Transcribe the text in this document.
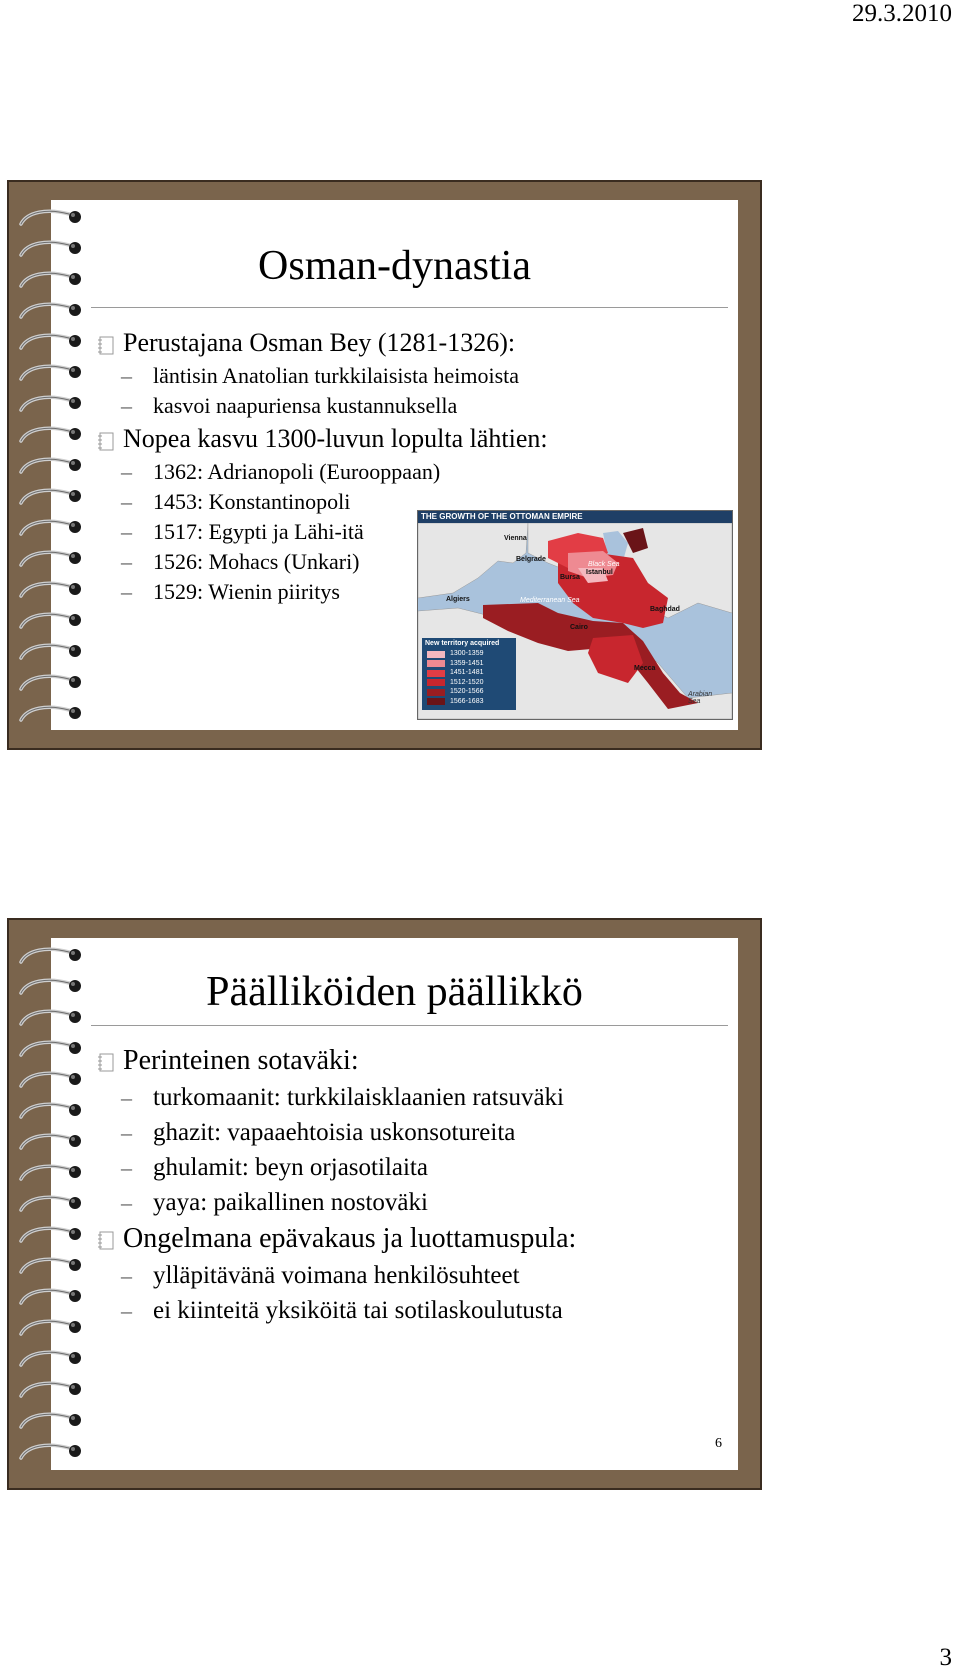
29.3.2010
Osman-dynastia
Perustajana Osman Bey (1281-1326):
– läntisin Anatolian turkkilaisista heimoista
– kasvoi naapuriensa kustannuksella
Nopea kasvu 1300-luvun lopulta lähtien:
– 1362: Adrianopoli (Eurooppaan)
– 1453: Konstantinopoli
– 1517: Egypti ja Lähi-itä
– 1526: Mohacs (Unkari)
– 1529: Wienin piiritys
THE GROWTH OF THE OTTOMAN EMPIRE
Vienna
Belgrade
Istanbul
Bursa
Black Sea
Algiers	Mediterranean Sea
Baghdad
Cairo
Mecca
Arabian Sea
New territory acquired
1300-1359
1359-1451
1451-1481
1512-1520
1520-1566
1566-1683
Päälliköiden päällikkö
Perinteinen sotaväki:
– turkomaanit: turkkilaisklaanien ratsuväki
– ghazit: vapaaehtoisia uskonsotureita
– ghulamit: beyn orjasotilaita
– yaya: paikallinen nostoväki
Ongelmana epävakaus ja luottamuspula:
– ylläpitävänä voimana henkilösuhteet
– ei kiinteitä yksiköitä tai sotilaskoulutusta
6
3
